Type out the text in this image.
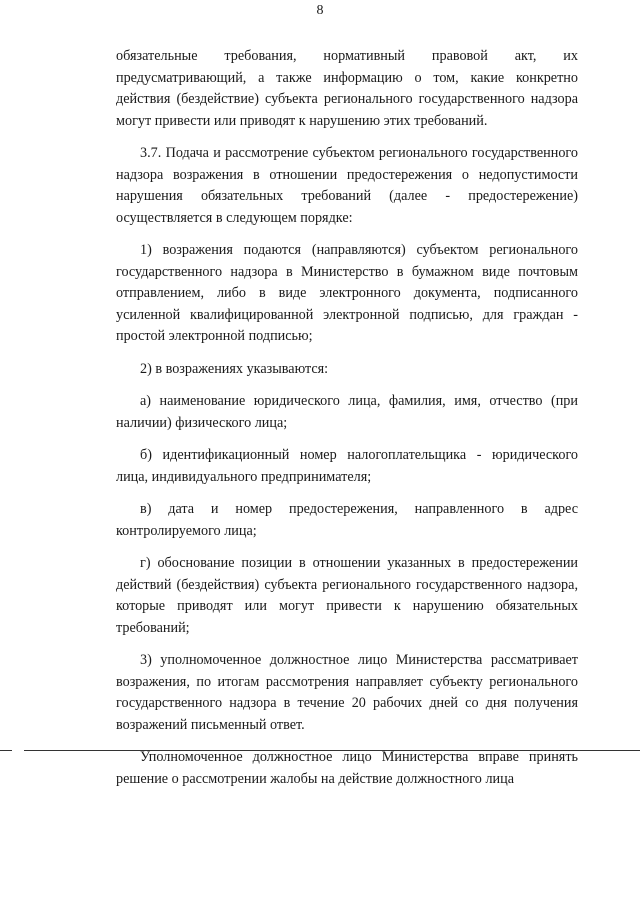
8

обязательные требования, нормативный правовой акт, их предусматривающий, а также информацию о том, какие конкретно действия (бездействие) субъекта регионального государственного надзора могут привести или приводят к нарушению этих требований.

3.7. Подача и рассмотрение субъектом регионального государственного надзора возражения в отношении предостережения о недопустимости нарушения обязательных требований (далее - предостережение) осуществляется в следующем порядке:

1) возражения подаются (направляются) субъектом регионального государственного надзора в Министерство в бумажном виде почтовым отправлением, либо в виде электронного документа, подписанного усиленной квалифицированной электронной подписью, для граждан - простой электронной подписью;

2) в возражениях указываются:

а) наименование юридического лица, фамилия, имя, отчество (при наличии) физического лица;

б) идентификационный номер налогоплательщика - юридического лица, индивидуального предпринимателя;

в) дата и номер предостережения, направленного в адрес контролируемого лица;

г) обоснование позиции в отношении указанных в предостережении действий (бездействия) субъекта регионального государственного надзора, которые приводят или могут привести к нарушению обязательных требований;

3) уполномоченное должностное лицо Министерства рассматривает возражения, по итогам рассмотрения направляет субъекту регионального государственного надзора в течение 20 рабочих дней со дня получения возражений письменный ответ.

Уполномоченное должностное лицо Министерства вправе принять решение о рассмотрении жалобы на действие должностного лица
